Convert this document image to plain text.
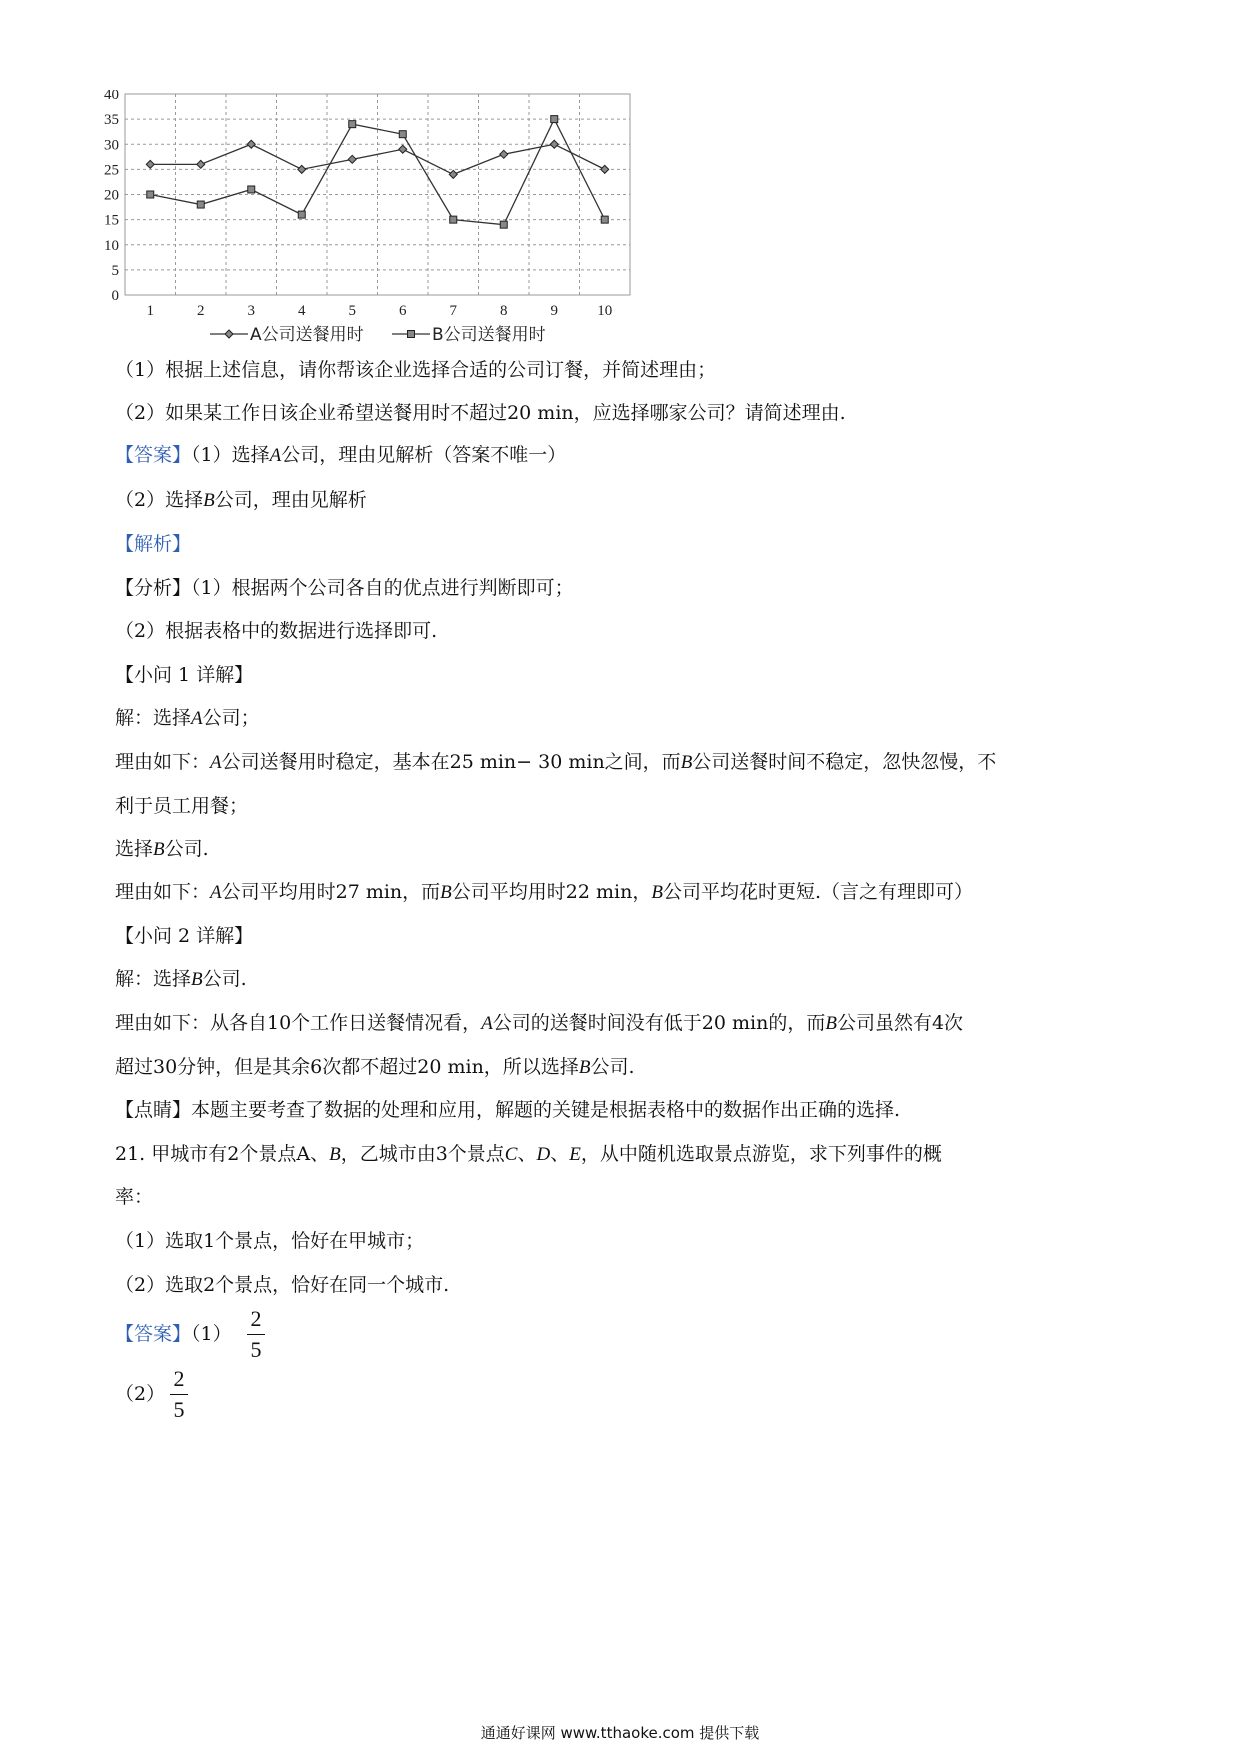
0
5
10
15
20
25
30
35
40
1	2	3	4	5	6	7	8	9	10
A公司送餐用时	B公司送餐用时
（1）根据上述信息，请你帮该企业选择合适的公司订餐，并简述理由；
（2）如果某工作日该企业希望送餐用时不超过20 min，应选择哪家公司？请简述理由.
【答案】（1）选择A公司，理由见解析（答案不唯一）
（2）选择B公司，理由见解析
【解析】
【分析】（1）根据两个公司各自的优点进行判断即可；
（2）根据表格中的数据进行选择即可.
【小问 1 详解】
解：选择A公司；
理由如下：A公司送餐用时稳定，基本在25 min− 30 min之间，而B公司送餐时间不稳定，忽快忽慢，不
利于员工用餐；
选择B公司.
理由如下：A公司平均用时27 min，而B公司平均用时22 min，B公司平均花时更短.（言之有理即可）
【小问 2 详解】
解：选择B公司.
理由如下：从各自10个工作日送餐情况看，A公司的送餐时间没有低于20 min的，而B公司虽然有4次
超过30分钟，但是其余6次都不超过20 min，所以选择B公司.
【点睛】本题主要考查了数据的处理和应用，解题的关键是根据表格中的数据作出正确的选择.
21. 甲城市有2个景点A、B，乙城市由3个景点C、D、E，从中随机选取景点游览，求下列事件的概
率：
（1）选取1个景点，恰好在甲城市；
（2）选取2个景点，恰好在同一个城市.
【答案】（1）
2
5
（2）
2
5
通通好课网 www.tthaoke.com 提供下载
